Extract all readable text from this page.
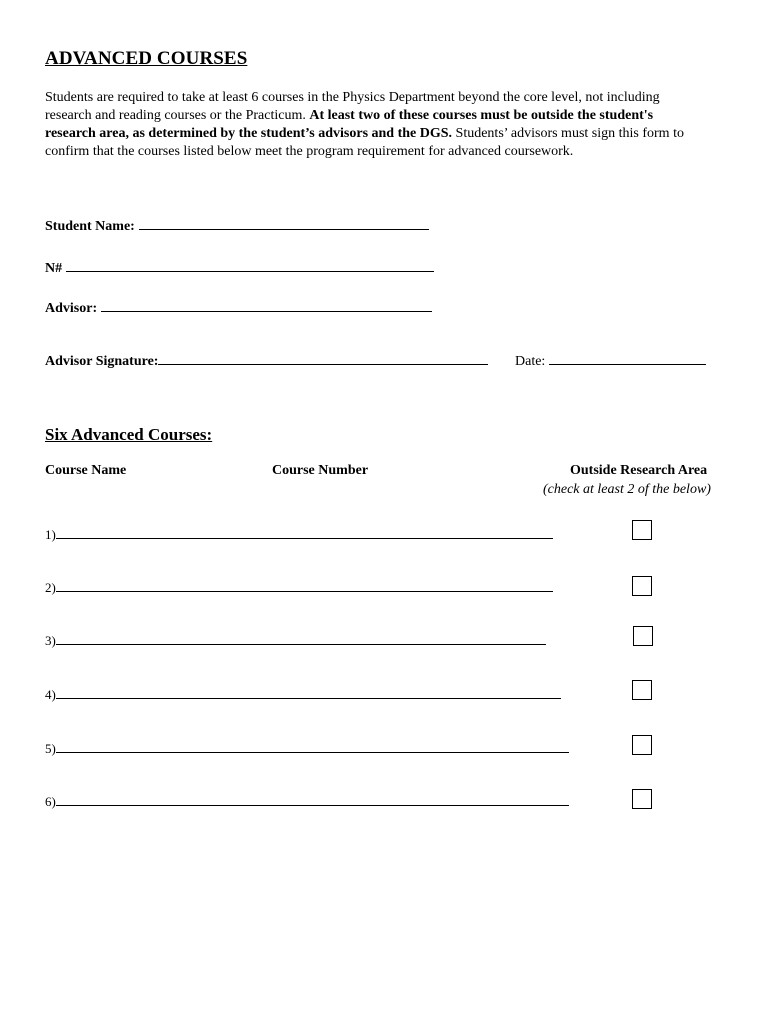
ADVANCED COURSES
Students are required to take at least 6 courses in the Physics Department beyond the core level, not including research and reading courses or the Practicum. At least two of these courses must be outside the student's research area, as determined by the student’s advisors and the DGS. Students’ advisors must sign this form to confirm that the courses listed below meet the program requirement for advanced coursework.
Student Name:
N#
Advisor:
Advisor Signature:	Date:
Six Advanced Courses:
Course Name	Course Number	Outside Research Area
(check at least 2 of the below)
1)
2)
3)
4)
5)
6)
